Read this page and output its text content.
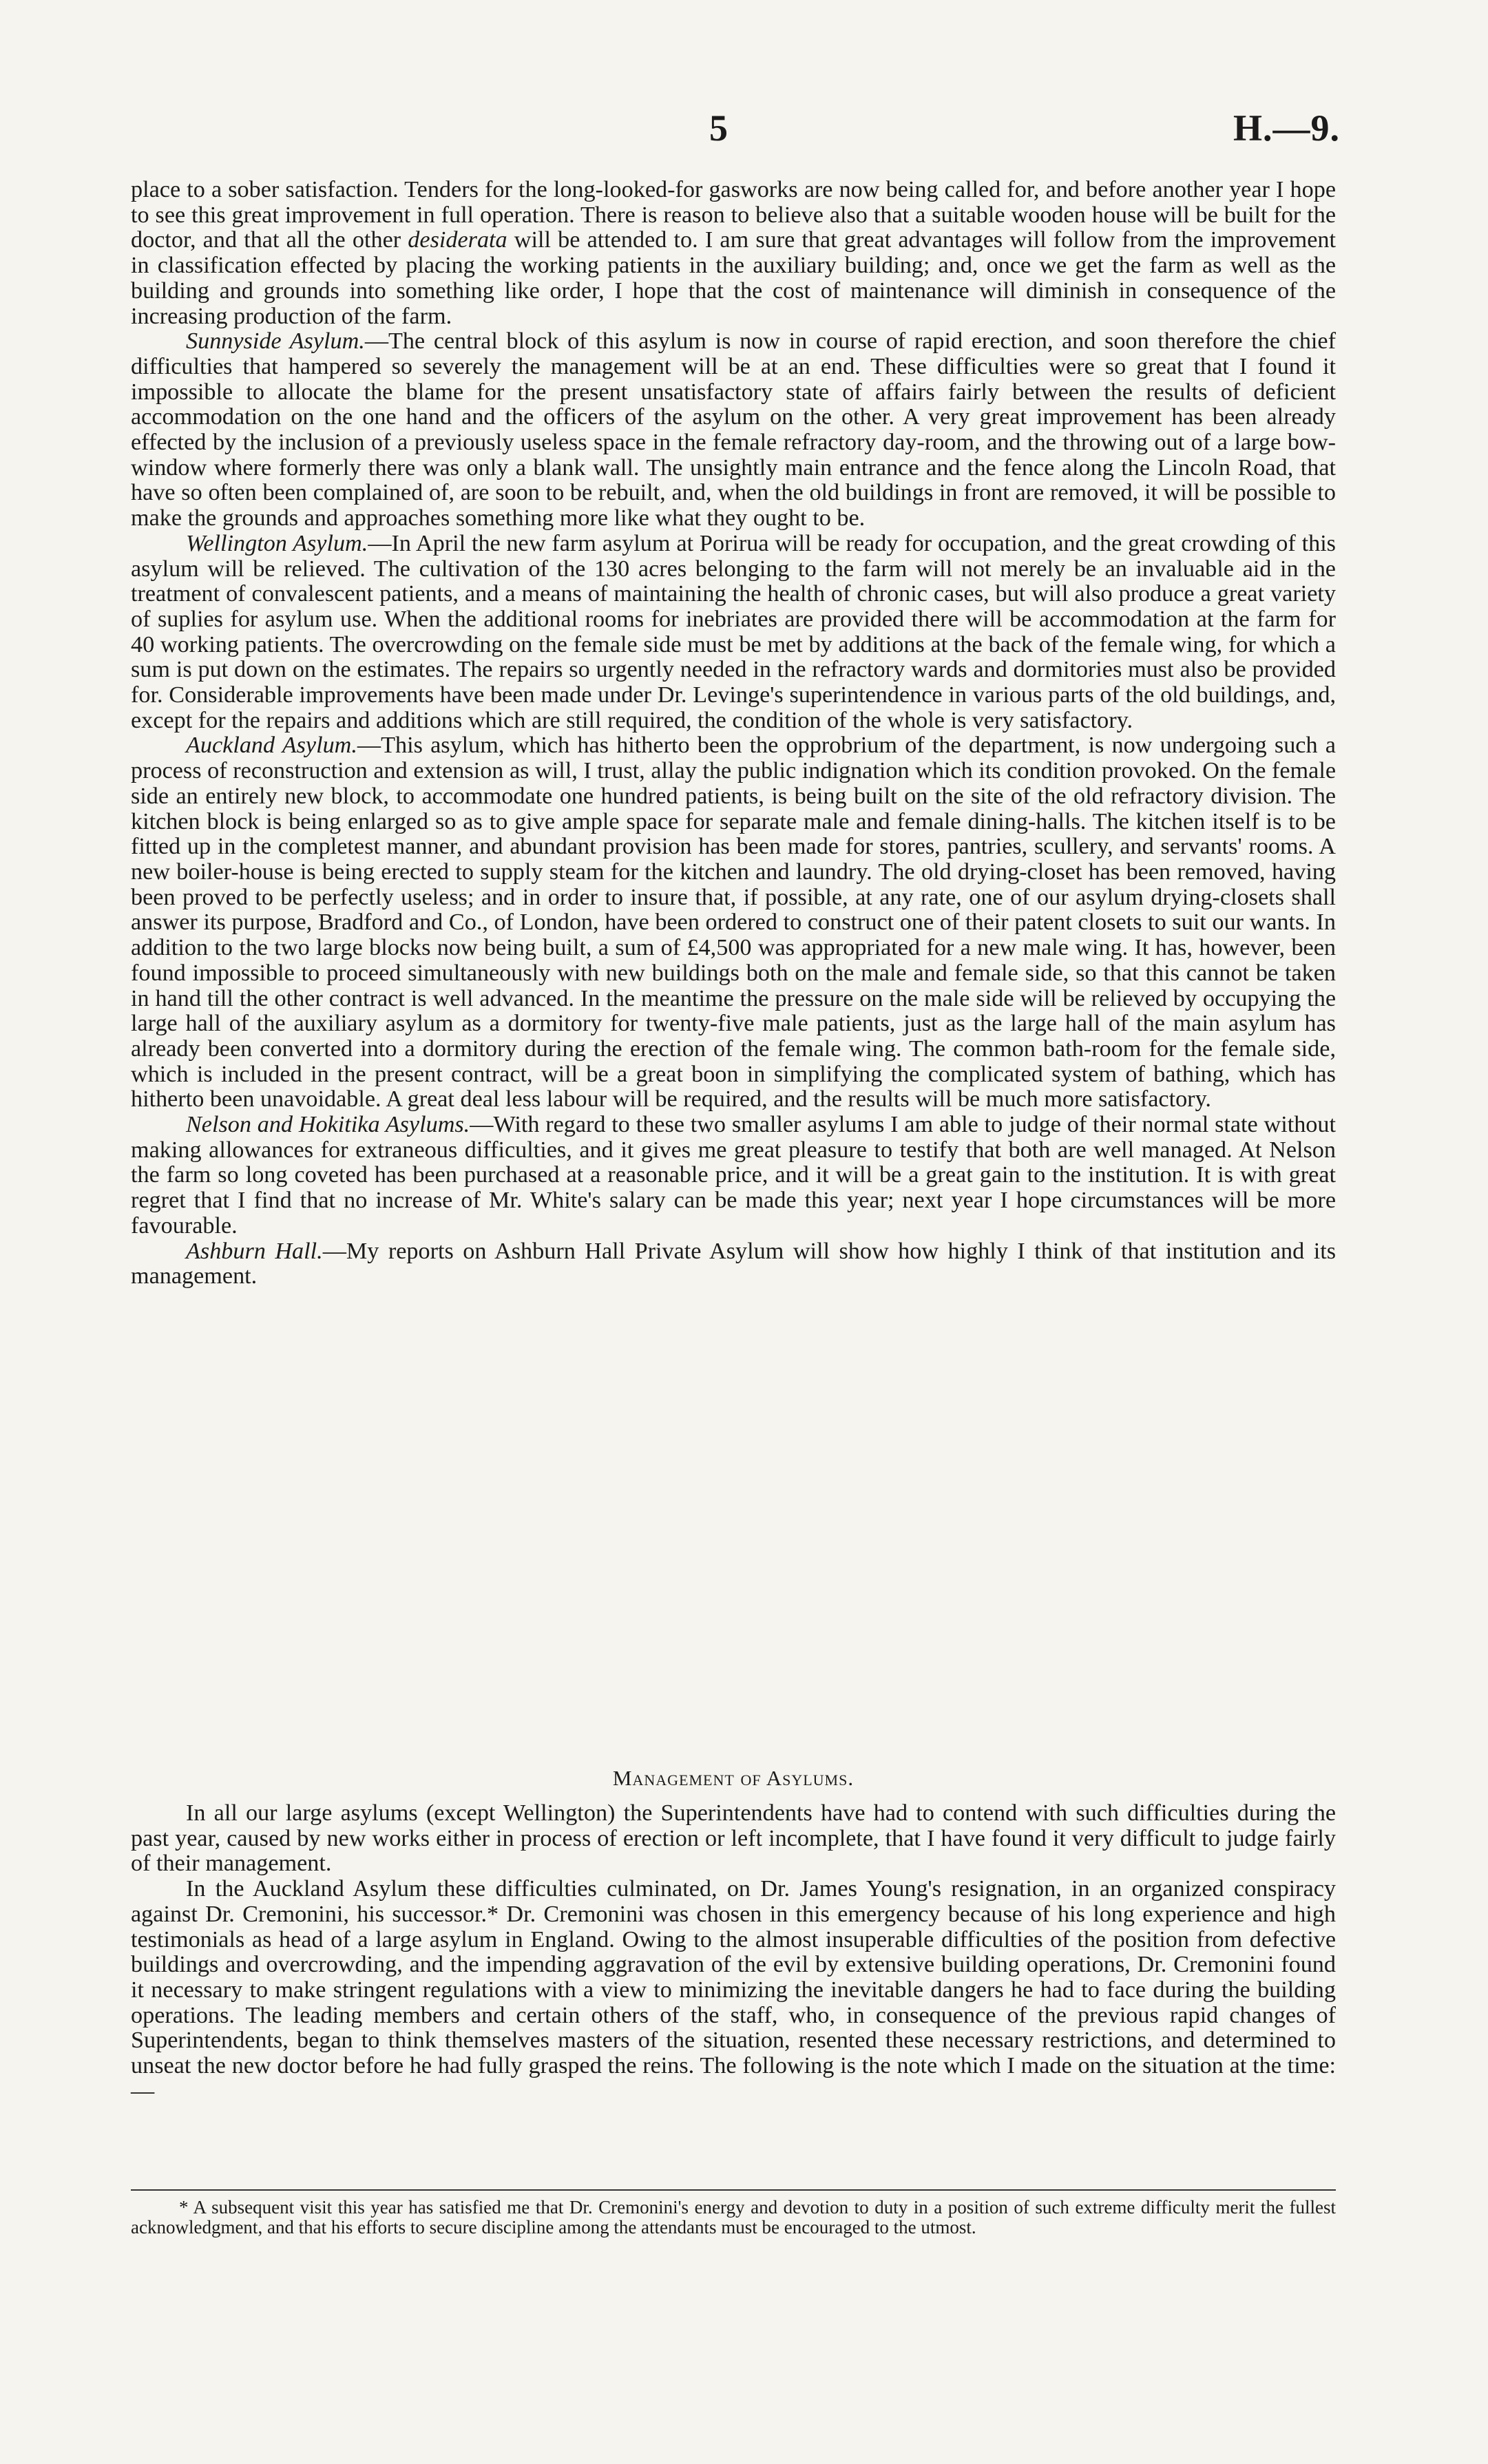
5	H.—9.

place to a sober satisfaction. Tenders for the long-looked-for gasworks are now being called for, and before another year I hope to see this great improvement in full operation. There is reason to believe also that a suitable wooden house will be built for the doctor, and that all the other desiderata will be attended to. I am sure that great advantages will follow from the improvement in classification effected by placing the working patients in the auxiliary building; and, once we get the farm as well as the building and grounds into something like order, I hope that the cost of maintenance will diminish in consequence of the increasing production of the farm.

Sunnyside Asylum.—The central block of this asylum is now in course of rapid erection, and soon therefore the chief difficulties that hampered so severely the management will be at an end. These difficulties were so great that I found it impossible to allocate the blame for the present unsatisfactory state of affairs fairly between the results of deficient accommodation on the one hand and the officers of the asylum on the other. A very great improvement has been already effected by the inclusion of a previously useless space in the female refractory day-room, and the throwing out of a large bow-window where formerly there was only a blank wall. The unsightly main entrance and the fence along the Lincoln Road, that have so often been complained of, are soon to be rebuilt, and, when the old buildings in front are removed, it will be possible to make the grounds and approaches something more like what they ought to be.

Wellington Asylum.—In April the new farm asylum at Porirua will be ready for occupation, and the great crowding of this asylum will be relieved. The cultivation of the 130 acres belonging to the farm will not merely be an invaluable aid in the treatment of convalescent patients, and a means of maintaining the health of chronic cases, but will also produce a great variety of suplies for asylum use. When the additional rooms for inebriates are provided there will be accommodation at the farm for 40 working patients. The overcrowding on the female side must be met by additions at the back of the female wing, for which a sum is put down on the estimates. The repairs so urgently needed in the refractory wards and dormitories must also be provided for. Considerable improvements have been made under Dr. Levinge's superintendence in various parts of the old buildings, and, except for the repairs and additions which are still required, the condition of the whole is very satisfactory.

Auckland Asylum.—This asylum, which has hitherto been the opprobrium of the department, is now undergoing such a process of reconstruction and extension as will, I trust, allay the public indignation which its condition provoked. On the female side an entirely new block, to accommodate one hundred patients, is being built on the site of the old refractory division. The kitchen block is being enlarged so as to give ample space for separate male and female dining-halls. The kitchen itself is to be fitted up in the completest manner, and abundant provision has been made for stores, pantries, scullery, and servants' rooms. A new boiler-house is being erected to supply steam for the kitchen and laundry. The old drying-closet has been removed, having been proved to be perfectly useless; and in order to insure that, if possible, at any rate, one of our asylum drying-closets shall answer its purpose, Bradford and Co., of London, have been ordered to construct one of their patent closets to suit our wants. In addition to the two large blocks now being built, a sum of £4,500 was appropriated for a new male wing. It has, however, been found impossible to proceed simultaneously with new buildings both on the male and female side, so that this cannot be taken in hand till the other contract is well advanced. In the meantime the pressure on the male side will be relieved by occupying the large hall of the auxiliary asylum as a dormitory for twenty-five male patients, just as the large hall of the main asylum has already been converted into a dormitory during the erection of the female wing. The common bath-room for the female side, which is included in the present contract, will be a great boon in simplifying the complicated system of bathing, which has hitherto been unavoidable. A great deal less labour will be required, and the results will be much more satisfactory.

Nelson and Hokitika Asylums.—With regard to these two smaller asylums I am able to judge of their normal state without making allowances for extraneous difficulties, and it gives me great pleasure to testify that both are well managed. At Nelson the farm so long coveted has been purchased at a reasonable price, and it will be a great gain to the institution. It is with great regret that I find that no increase of Mr. White's salary can be made this year; next year I hope circumstances will be more favourable.

Ashburn Hall.—My reports on Ashburn Hall Private Asylum will show how highly I think of that institution and its management.

Management of Asylums.

In all our large asylums (except Wellington) the Superintendents have had to contend with such difficulties during the past year, caused by new works either in process of erection or left incomplete, that I have found it very difficult to judge fairly of their management.

In the Auckland Asylum these difficulties culminated, on Dr. James Young's resignation, in an organized conspiracy against Dr. Cremonini, his successor.* Dr. Cremonini was chosen in this emergency because of his long experience and high testimonials as head of a large asylum in England. Owing to the almost insuperable difficulties of the position from defective buildings and overcrowding, and the impending aggravation of the evil by extensive building operations, Dr. Cremonini found it necessary to make stringent regulations with a view to minimizing the inevitable dangers he had to face during the building operations. The leading members and certain others of the staff, who, in consequence of the previous rapid changes of Superintendents, began to think themselves masters of the situation, resented these necessary restrictions, and determined to unseat the new doctor before he had fully grasped the reins. The following is the note which I made on the situation at the time:—

* A subsequent visit this year has satisfied me that Dr. Cremonini's energy and devotion to duty in a position of such extreme difficulty merit the fullest acknowledgment, and that his efforts to secure discipline among the attendants must be encouraged to the utmost.
